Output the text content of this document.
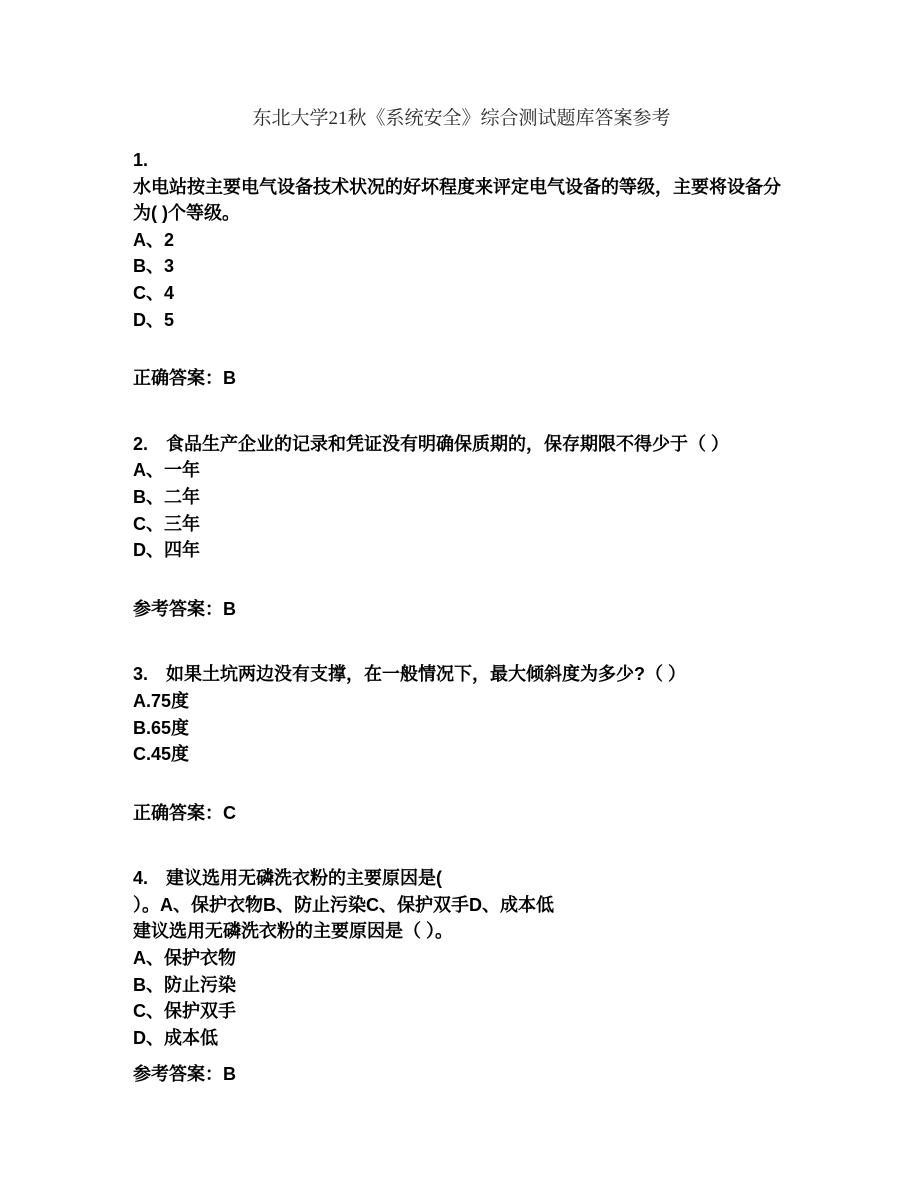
东北大学21秋《系统安全》综合测试题库答案参考
1.
水电站按主要电气设备技术状况的好坏程度来评定电气设备的等级，主要将设备分
为( )个等级。
A、2
B、3
C、4
D、5
正确答案：B
2.　食品生产企业的记录和凭证没有明确保质期的，保存期限不得少于（ ）
A、一年
B、二年
C、三年
D、四年
参考答案：B
3.　如果土坑两边没有支撑，在一般情况下，最大倾斜度为多少?（ ）
A.75度
B.65度
C.45度
正确答案：C
4.　建议选用无磷洗衣粉的主要原因是(
）。A、保护衣物B、防止污染C、保护双手D、成本低
建议选用无磷洗衣粉的主要原因是（ ）。
A、保护衣物
B、防止污染
C、保护双手
D、成本低
参考答案：B
